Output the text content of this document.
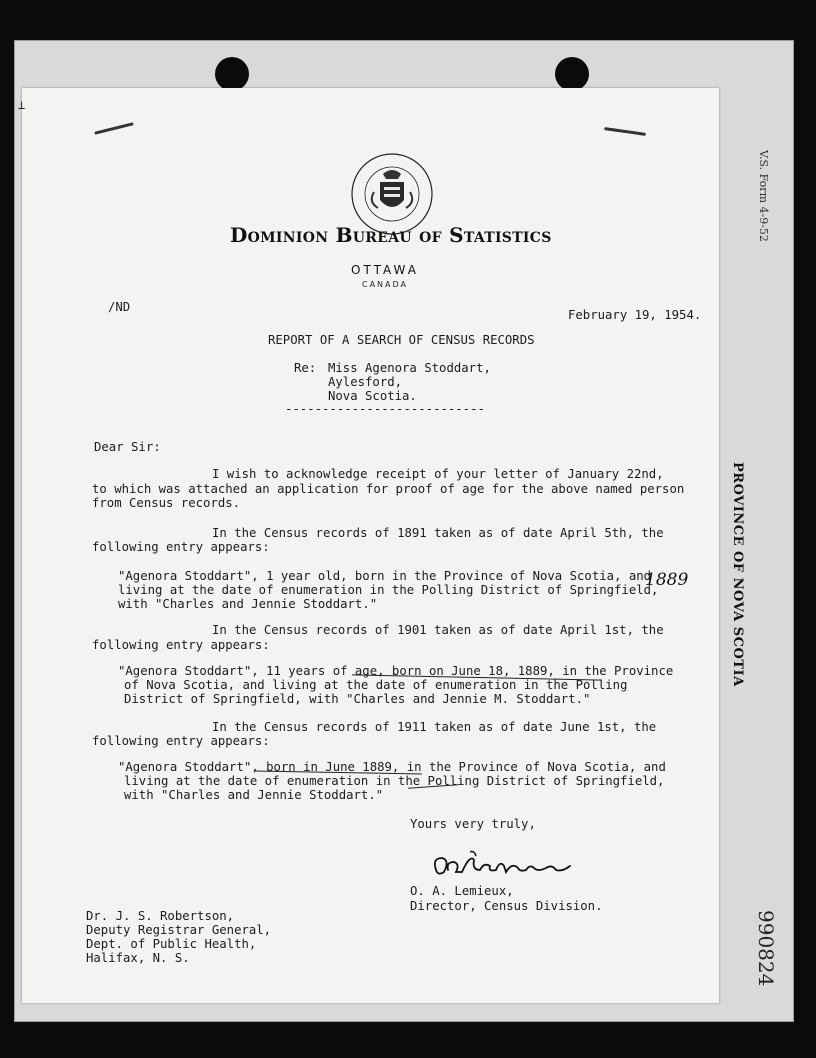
V.S. Form 4-9-52
PROVINCE OF NOVA SCOTIA
990824
⊥
Dominion Bureau of Statistics
OTTAWA
CANADA
/ND
February 19, 1954.
REPORT OF A SEARCH OF CENSUS RECORDS
Re: Miss Agenora Stoddart,
Aylesford,
Nova Scotia.
---------------------------
Dear Sir:
I wish to acknowledge receipt of your letter of January 22nd,
to which was attached an application for proof of age for the above named person
from Census records.
In the Census records of 1891 taken as of date April 5th, the
following entry appears:
"Agenora Stoddart", 1 year old, born in the Province of Nova Scotia, and
living at the date of enumeration in the Polling District of Springfield,
with "Charles and Jennie Stoddart."
In the Census records of 1901 taken as of date April 1st, the
following entry appears:
"Agenora Stoddart", 11 years of age, born on June 18, 1889, in the Province
of Nova Scotia, and living at the date of enumeration in the Polling
District of Springfield, with "Charles and Jennie M. Stoddart."
In the Census records of 1911 taken as of date June 1st, the
following entry appears:
"Agenora Stoddart", born in June 1889, in the Province of Nova Scotia, and
living at the date of enumeration in the Polling District of Springfield,
with "Charles and Jennie Stoddart."
Yours very truly,
O. A. Lemieux,
Director, Census Division.
Dr. J. S. Robertson,
Deputy Registrar General,
Dept. of Public Health,
Halifax, N. S.
1889
